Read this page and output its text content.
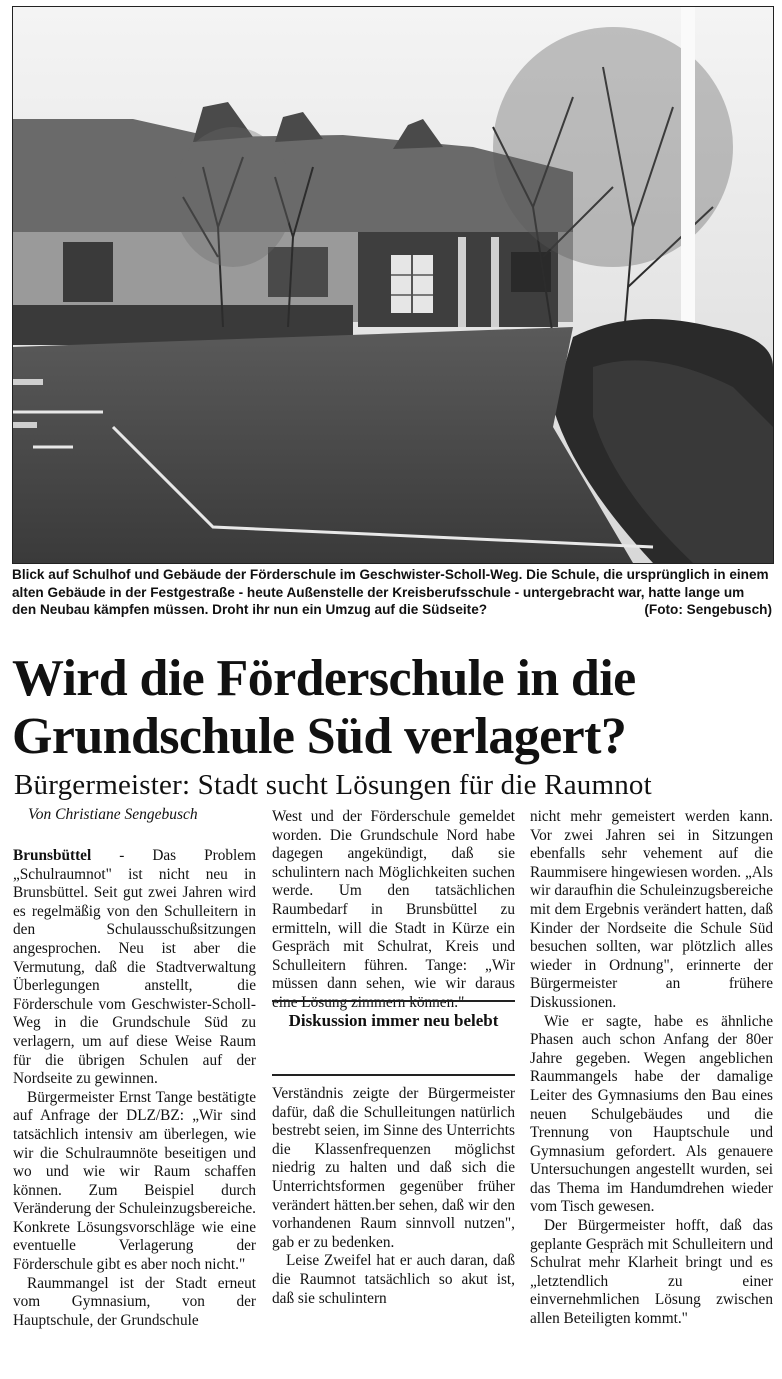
Blick auf Schulhof und Gebäude der Förderschule im Geschwister-Scholl-Weg. Die Schule, die ursprünglich in einem alten Gebäude in der Festgestraße - heute Außenstelle der Kreisberufsschule - untergebracht war, hatte lange um den Neubau kämpfen müssen. Droht ihr nun ein Umzug auf die Südseite?	(Foto: Sengebusch)
Wird die Förderschule in die Grundschule Süd verlagert?
Bürgermeister: Stadt sucht Lösungen für die Raumnot
Von Christiane Sengebusch

Brunsbüttel - Das Problem „Schulraumnot" ist nicht neu in Brunsbüttel. Seit gut zwei Jahren wird es regelmäßig von den Schulleitern in den Schulausschußsitzungen angesprochen. Neu ist aber die Vermutung, daß die Stadtverwaltung Überlegungen anstellt, die Förderschule vom Geschwister-Scholl-Weg in die Grundschule Süd zu verlagern, um auf diese Weise Raum für die übrigen Schulen auf der Nordseite zu gewinnen.

Bürgermeister Ernst Tange bestätigte auf Anfrage der DLZ/BZ: „Wir sind tatsächlich intensiv am überlegen, wie wir die Schulraumnöte beseitigen und wo und wie wir Raum schaffen können. Zum Beispiel durch Veränderung der Schuleinzugsbereiche. Konkrete Lösungsvorschläge wie eine eventuelle Verlagerung der Förderschule gibt es aber noch nicht."

Raummangel ist der Stadt erneut vom Gymnasium, von der Hauptschule, der Grundschule

West und der Förderschule gemeldet worden. Die Grundschule Nord habe dagegen angekündigt, daß sie schulintern nach Möglichkeiten suchen werde. Um den tatsächlichen Raumbedarf in Brunsbüttel zu ermitteln, will die Stadt in Kürze ein Gespräch mit Schulrat, Kreis und Schulleitern führen. Tange: „Wir müssen dann sehen, wie wir daraus eine Lösung zimmern können."

Diskussion immer neu belebt

Verständnis zeigte der Bürgermeister dafür, daß die Schulleitungen natürlich bestrebt seien, im Sinne des Unterrichts die Klassenfrequenzen möglichst niedrig zu halten und daß sich die Unterrichtsformen gegenüber früher verändert hätten.ber sehen, daß wir den vorhandenen Raum sinnvoll nutzen", gab er zu bedenken.

Leise Zweifel hat er auch daran, daß die Raumnot tatsächlich so akut ist, daß sie schulintern

nicht mehr gemeistert werden kann. Vor zwei Jahren sei in Sitzungen ebenfalls sehr vehement auf die Raummisere hingewiesen worden. „Als wir daraufhin die Schuleinzugsbereiche mit dem Ergebnis verändert hatten, daß Kinder der Nordseite die Schule Süd besuchen sollten, war plötzlich alles wieder in Ordnung", erinnerte der Bürgermeister an frühere Diskussionen.

Wie er sagte, habe es ähnliche Phasen auch schon Anfang der 80er Jahre gegeben. Wegen angeblichen Raummangels habe der damalige Leiter des Gymnasiums den Bau eines neuen Schulgebäudes und die Trennung von Hauptschule und Gymnasium gefordert. Als genauere Untersuchungen angestellt wurden, sei das Thema im Handumdrehen wieder vom Tisch gewesen.

Der Bürgermeister hofft, daß das geplante Gespräch mit Schulleitern und Schulrat mehr Klarheit bringt und es „letztendlich zu einer einvernehmlichen Lösung zwischen allen Beteiligten kommt."
